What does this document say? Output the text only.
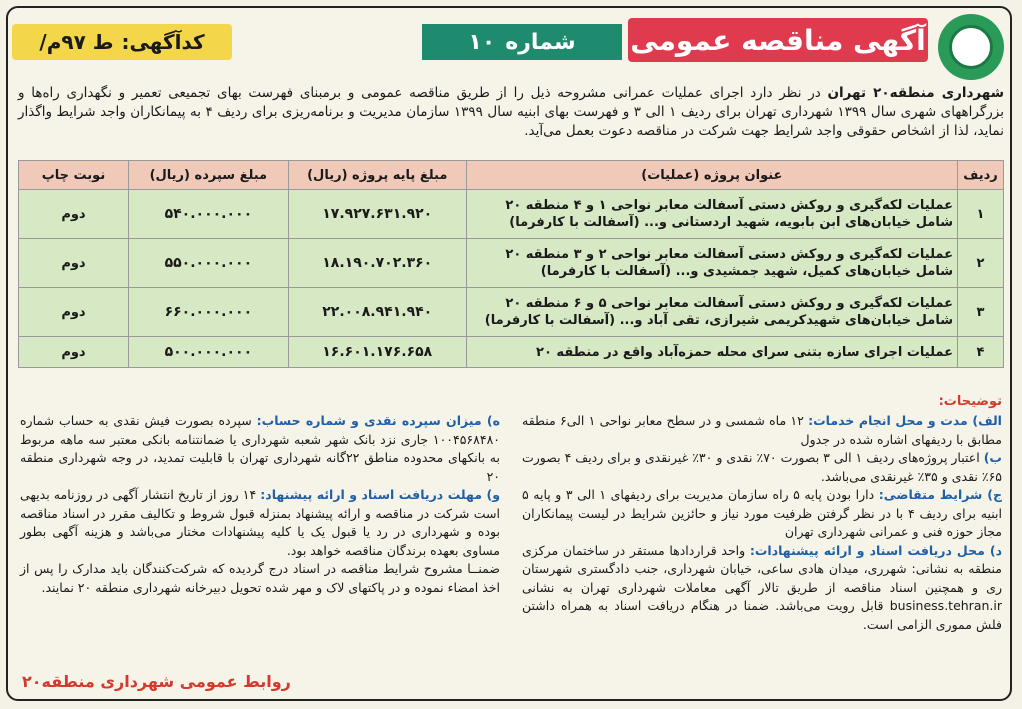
آگهی مناقصه عمومی
شماره
۱۰
کدآگهی:
ط ۹۷م/
شهرداری منطقه۲۰ تهران در نظر دارد اجرای عملیات عمرانی مشروحه ذیل را از طریق مناقصه عمومی و برمبنای فهرست بهای تجمیعی تعمیر و نگهداری راه‌ها و بزرگراههای شهری سال ۱۳۹۹ شهرداری تهران برای ردیف ۱ الی ۳ و فهرست بهای ابنیه سال ۱۳۹۹ سازمان مدیریت و برنامه‌ریزی برای ردیف ۴ به پیمانکاران واجد شرایط واگذار نماید، لذا از اشخاص حقوقی واجد شرایط جهت شرکت در مناقصه دعوت بعمل می‌آید.
ردیف	عنوان پروژه (عملیات)	مبلغ پایه پروژه (ریال)	مبلغ سپرده (ریال)	نوبت چاپ
۱	عملیات لکه‌گیری و روکش دستی آسفالت معابر نواحی ۱ و ۴ منطقه ۲۰ شامل خیابان‌های ابن بابویه، شهید اردستانی و... (آسفالت با کارفرما)	۱۷.۹۲۷.۶۳۱.۹۲۰	۵۴۰.۰۰۰.۰۰۰	دوم
۲	عملیات لکه‌گیری و روکش دستی آسفالت معابر نواحی ۲ و ۳ منطقه ۲۰ شامل خیابان‌های کمیل، شهید جمشیدی و... (آسفالت با کارفرما)	۱۸.۱۹۰.۷۰۲.۳۶۰	۵۵۰.۰۰۰.۰۰۰	دوم
۳	عملیات لکه‌گیری و روکش دستی آسفالت معابر نواحی ۵ و ۶ منطقه ۲۰ شامل خیابان‌های شهیدکریمی شیرازی، تقی آباد و... (آسفالت با کارفرما)	۲۲.۰۰۸.۹۴۱.۹۴۰	۶۶۰.۰۰۰.۰۰۰	دوم
۴	عملیات اجرای سازه بتنی سرای محله حمزه‌آباد واقع در منطقه ۲۰	۱۶.۶۰۱.۱۷۶.۶۵۸	۵۰۰.۰۰۰.۰۰۰	دوم
توضیحات:
الف) مدت و محل انجام خدمات: ۱۲ ماه شمسی و در سطح معابر نواحی ۱ الی۶ منطقه مطابق با ردیفهای اشاره شده در جدول
ب) اعتبار پروژه‌های ردیف ۱ الی ۳ بصورت ۷۰٪ نقدی و ۳۰٪ غیرنقدی و برای ردیف ۴ بصورت ۶۵٪ نقدی و ۳۵٪ غیرنقدی می‌باشد.
ج) شرایط متقاضی: دارا بودن پایه ۵ راه سازمان مدیریت برای ردیفهای ۱ الی ۳ و پایه ۵ ابنیه برای ردیف ۴ با در نظر گرفتن ظرفیت مورد نیاز و حائزین شرایط در لیست پیمانکاران مجاز حوزه فنی و عمرانی شهرداری تهران
د) محل دریافت اسناد و ارائه پیشنهادات: واحد قراردادها مستقر در ساختمان مرکزی منطقه به نشانی: شهرری، میدان هادی ساعی، خیابان شهرداری، جنب دادگستری شهرستان ری و همچنین اسناد مناقصه از طریق تالار آگهی معاملات شهرداری تهران به نشانی business.tehran.ir قابل رویت می‌باشد. ضمنا در هنگام دریافت اسناد به همراه داشتن فلش مموری الزامی است.
ه) میزان سپرده نقدی و شماره حساب: سپرده بصورت فیش نقدی به حساب شماره ۱۰۰۴۵۶۸۴۸۰ جاری نزد بانک شهر شعبه شهرداری یا ضمانتنامه بانکی معتبر سه ماهه مربوط به بانکهای محدوده مناطق ۲۲گانه شهرداری تهران با قابلیت تمدید، در وجه شهرداری منطقه ۲۰
و) مهلت دریافت اسناد و ارائه پیشنهاد: ۱۴ روز از تاریخ انتشار آگهی در روزنامه بدیهی است شرکت در مناقصه و ارائه پیشنهاد بمنزله قبول شروط و تکالیف مقرر در اسناد مناقصه بوده و شهرداری در رد یا قبول یک یا کلیه پیشنهادات مختار می‌باشد و هزینه آگهی بطور مساوی بعهده برندگان مناقصه خواهد بود.
ضمنــا مشروح شرایط مناقصه در اسناد درج گردیده که شرکت‌کنندگان باید مدارک را پس از اخذ امضاء نموده و در پاکتهای لاک و مهر شده تحویل دبیرخانه شهرداری منطقه ۲۰ نمایند.
روابط عمومی شهرداری منطقه۲۰
